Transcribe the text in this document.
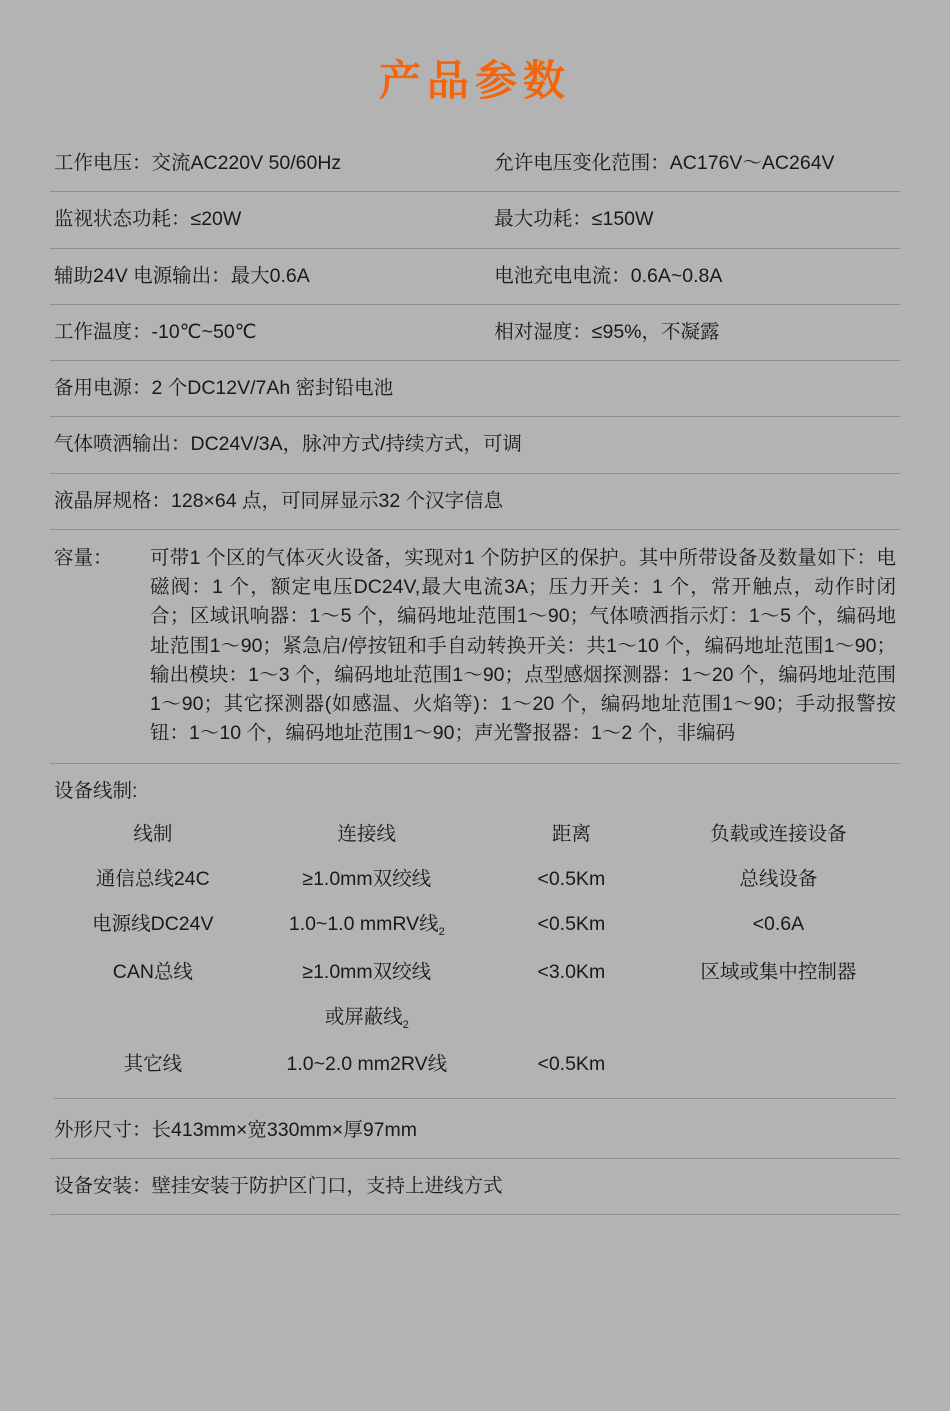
产品参数
工作电压：交流AC220V 50/60Hz	允许电压变化范围：AC176V～AC264V
监视状态功耗：≤20W	最大功耗：≤150W
辅助24V 电源输出：最大0.6A	电池充电电流：0.6A~0.8A
工作温度：-10℃~50℃	相对湿度：≤95%，不凝露
备用电源：2 个DC12V/7Ah 密封铅电池
气体喷洒输出：DC24V/3A，脉冲方式/持续方式，可调
液晶屏规格：128×64 点，可同屏显示32 个汉字信息

容量：	可带1 个区的气体灭火设备，实现对1 个防护区的保护。其中所带设备及数量如下：电磁阀：1 个，额定电压DC24V,最大电流3A；压力开关：1 个，常开触点，动作时闭合；区域讯响器：1～5 个，编码地址范围1～90；气体喷洒指示灯：1～5 个，编码地址范围1～90；紧急启/停按钮和手自动转换开关：共1～10 个，编码地址范围1～90；输出模块：1～3 个，编码地址范围1～90；点型感烟探测器：1～20 个，编码地址范围1～90；其它探测器(如感温、火焰等)：1～20 个，编码地址范围1～90；手动报警按钮：1～10 个，编码地址范围1～90；声光警报器：1～2 个，非编码

设备线制:
线制	连接线	距离	负载或连接设备
通信总线24C	≥1.0mm双绞线	<0.5Km	总线设备
电源线DC24V	1.0~1.0 mmRV线$_2$	<0.5Km	<0.6A
CAN总线	≥1.0mm双绞线	<3.0Km	区域或集中控制器
	或屏蔽线$_2$		
其它线	1.0~2.0 mm2RV线	<0.5Km	

外形尺寸：长413mm×宽330mm×厚97mm
设备安装：壁挂安装于防护区门口，支持上进线方式
